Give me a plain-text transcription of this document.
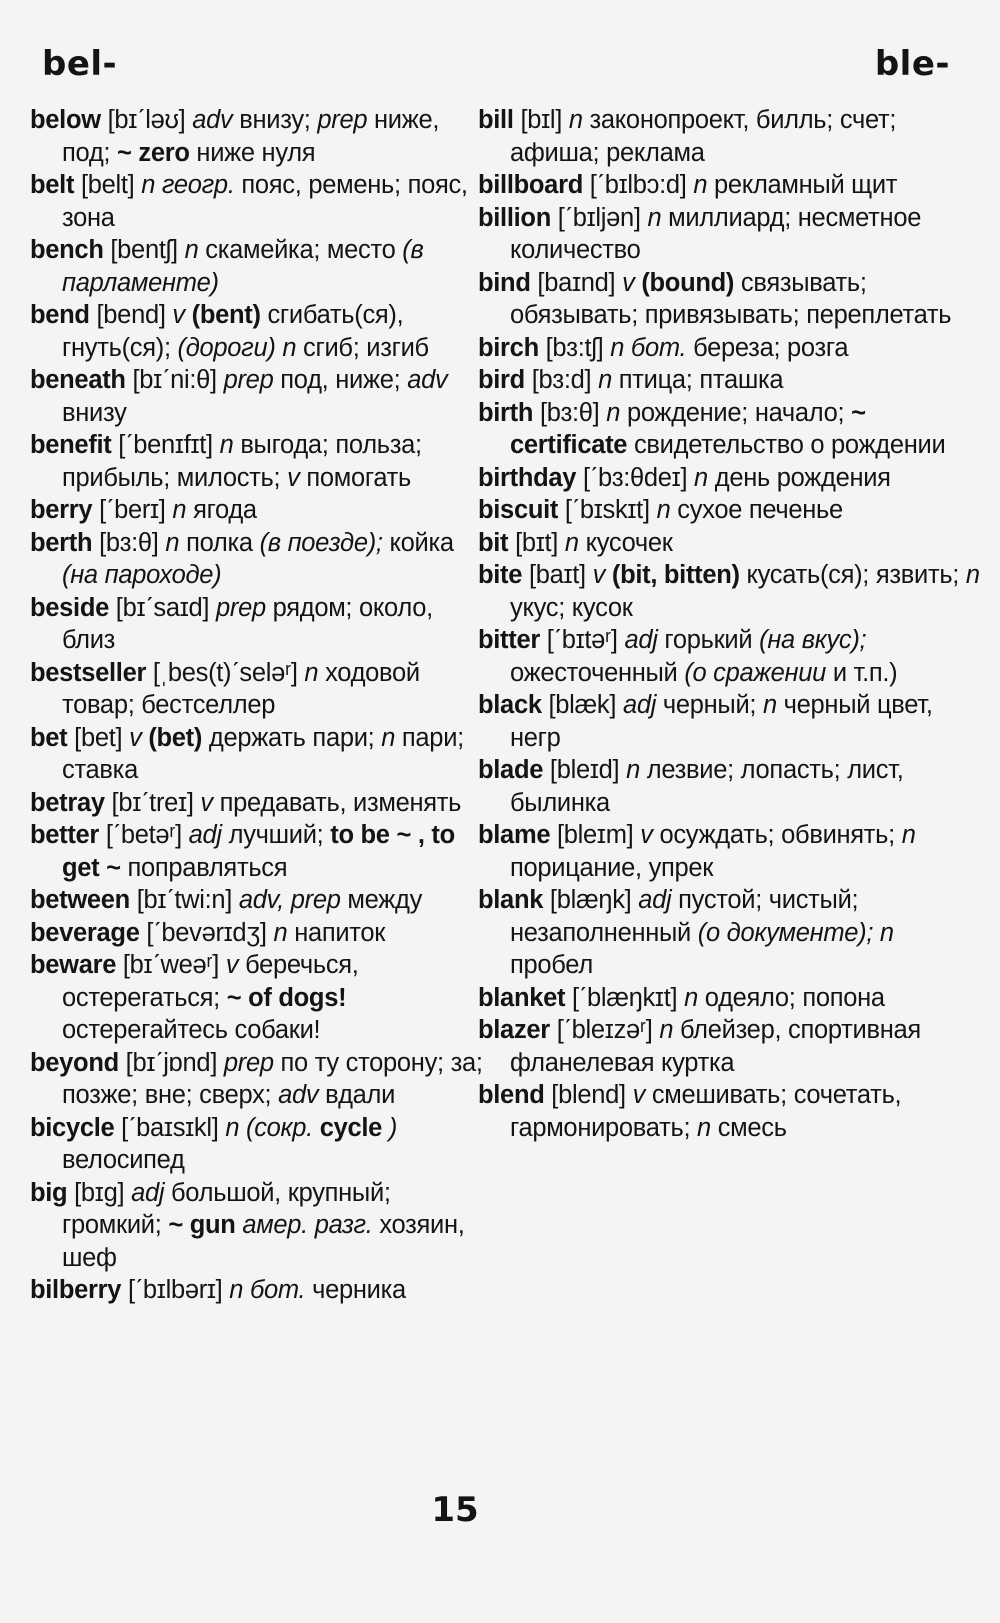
bel-	ble-
below [bɪˊləʊ] adv внизу; prep ниже, под; ~ zero ниже нуля
belt [belt] n геогр. пояс, ремень; пояс, зона
bench [bentʃ] n скамейка; место (в парламенте)
bend [bend] v (bent) сгибать(ся), гнуть(ся); (дороги) n сгиб; изгиб
beneath [bɪˊni:θ] prep под, ниже; adv внизу
benefit [ˊbenɪfɪt] n выгода; польза; прибыль; милость; v помогать
berry [ˊberɪ] n ягода
berth [bɜ:θ] n полка (в поезде); койка (на пароходе)
beside [bɪˊsaɪd] prep рядом; около, близ
bestseller [ˌbes(t)ˊseləʳ] n ходовой товар; бестселлер
bet [bet] v (bet) держать пари; n пари; ставка
betray [bɪˊtreɪ] v предавать, изменять
better [ˊbetəʳ] adj лучший; to be ~ , to get ~ поправляться
between [bɪˊtwi:n] adv, prep между
beverage [ˊbevərɪdʒ] n напиток
beware [bɪˊweəʳ] v беречься, остерегаться; ~ of dogs! остерегайтесь собаки!
beyond [bɪˊjɒnd] prep по ту сторону; за; позже; вне; сверх; adv вдали
bicycle [ˊbaɪsɪkl] n (сокр. cycle ) велосипед
big [bɪɡ] adj большой, крупный; громкий; ~ gun амер. разг. хозяин, шеф
bilberry [ˊbɪlbərɪ] n бот. черника
bill [bɪl] n законопроект, билль; счет; афиша; реклама
billboard [ˊbɪlbɔ:d] n рекламный щит
billion [ˊbɪljən] n миллиард; несметное количество
bind [baɪnd] v (bound) связывать; обязывать; привязывать; переплетать
birch [bɜ:tʃ] n бот. береза; розга
bird [bɜ:d] n птица; пташка
birth [bɜ:θ] n рождение; начало; ~ certificate свидетельство о рождении
birthday [ˊbɜ:θdeɪ] n день рождения
biscuit [ˊbɪskɪt] n сухое печенье
bit [bɪt] n кусочек
bite [baɪt] v (bit, bitten) кусать(ся); язвить; n укус; кусок
bitter [ˊbɪtəʳ] adj горький (на вкус); ожесточенный (о сражении и т.п.)
black [blæk] adj черный; n черный цвет, негр
blade [bleɪd] n лезвие; лопасть; лист, былинка
blame [bleɪm] v осуждать; обвинять; n порицание, упрек
blank [blæŋk] adj пустой; чистый; незаполненный (о документе); n пробел
blanket [ˊblæŋkɪt] n одеяло; попона
blazer [ˊbleɪzəʳ] n блейзер, спортивная фланелевая куртка
blend [blend] v смешивать; сочетать, гармонировать; n смесь
15
